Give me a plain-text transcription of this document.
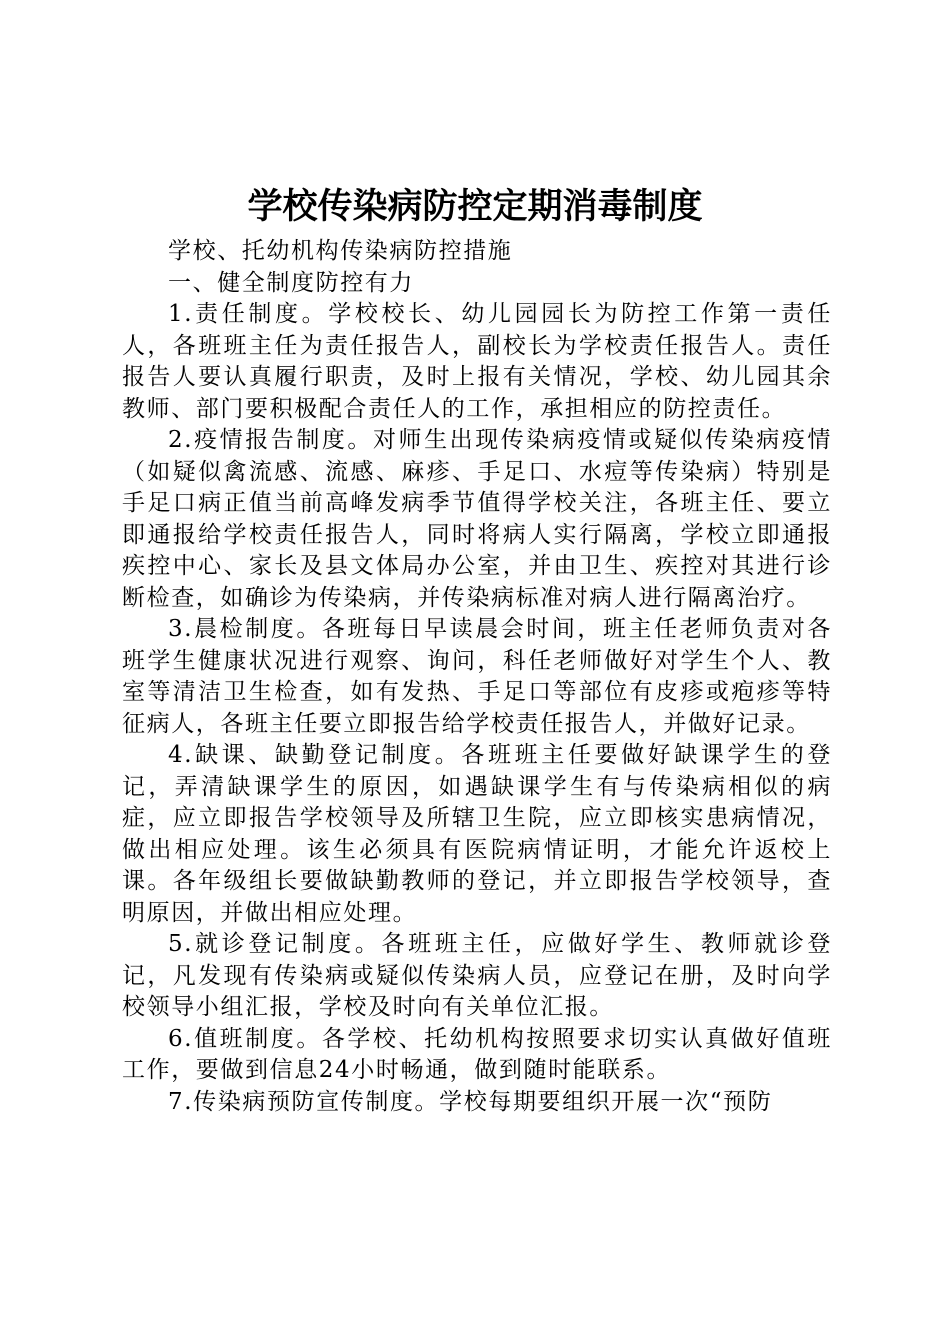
学校传染病防控定期消毒制度

学校、托幼机构传染病防控措施

一、健全制度防控有力

1.责任制度。学校校长、幼儿园园长为防控工作第一责任人，各班班主任为责任报告人，副校长为学校责任报告人。责任报告人要认真履行职责，及时上报有关情况，学校、幼儿园其余教师、部门要积极配合责任人的工作，承担相应的防控责任。

2.疫情报告制度。对师生出现传染病疫情或疑似传染病疫情（如疑似禽流感、流感、麻疹、手足口、水痘等传染病）特别是手足口病正值当前高峰发病季节值得学校关注，各班主任、要立即通报给学校责任报告人，同时将病人实行隔离，学校立即通报疾控中心、家长及县文体局办公室，并由卫生、疾控对其进行诊断检查，如确诊为传染病，并传染病标准对病人进行隔离治疗。

3.晨检制度。各班每日早读晨会时间，班主任老师负责对各班学生健康状况进行观察、询问，科任老师做好对学生个人、教室等清洁卫生检查，如有发热、手足口等部位有皮疹或疱疹等特征病人，各班主任要立即报告给学校责任报告人，并做好记录。

4.缺课、缺勤登记制度。各班班主任要做好缺课学生的登记，弄清缺课学生的原因，如遇缺课学生有与传染病相似的病症，应立即报告学校领导及所辖卫生院，应立即核实患病情况，做出相应处理。该生必须具有医院病情证明，才能允许返校上课。各年级组长要做缺勤教师的登记，并立即报告学校领导，查明原因，并做出相应处理。

5.就诊登记制度。各班班主任，应做好学生、教师就诊登记，凡发现有传染病或疑似传染病人员，应登记在册，及时向学校领导小组汇报，学校及时向有关单位汇报。

6.值班制度。各学校、托幼机构按照要求切实认真做好值班工作，要做到信息24小时畅通，做到随时能联系。

7.传染病预防宣传制度。学校每期要组织开展一次“预防
